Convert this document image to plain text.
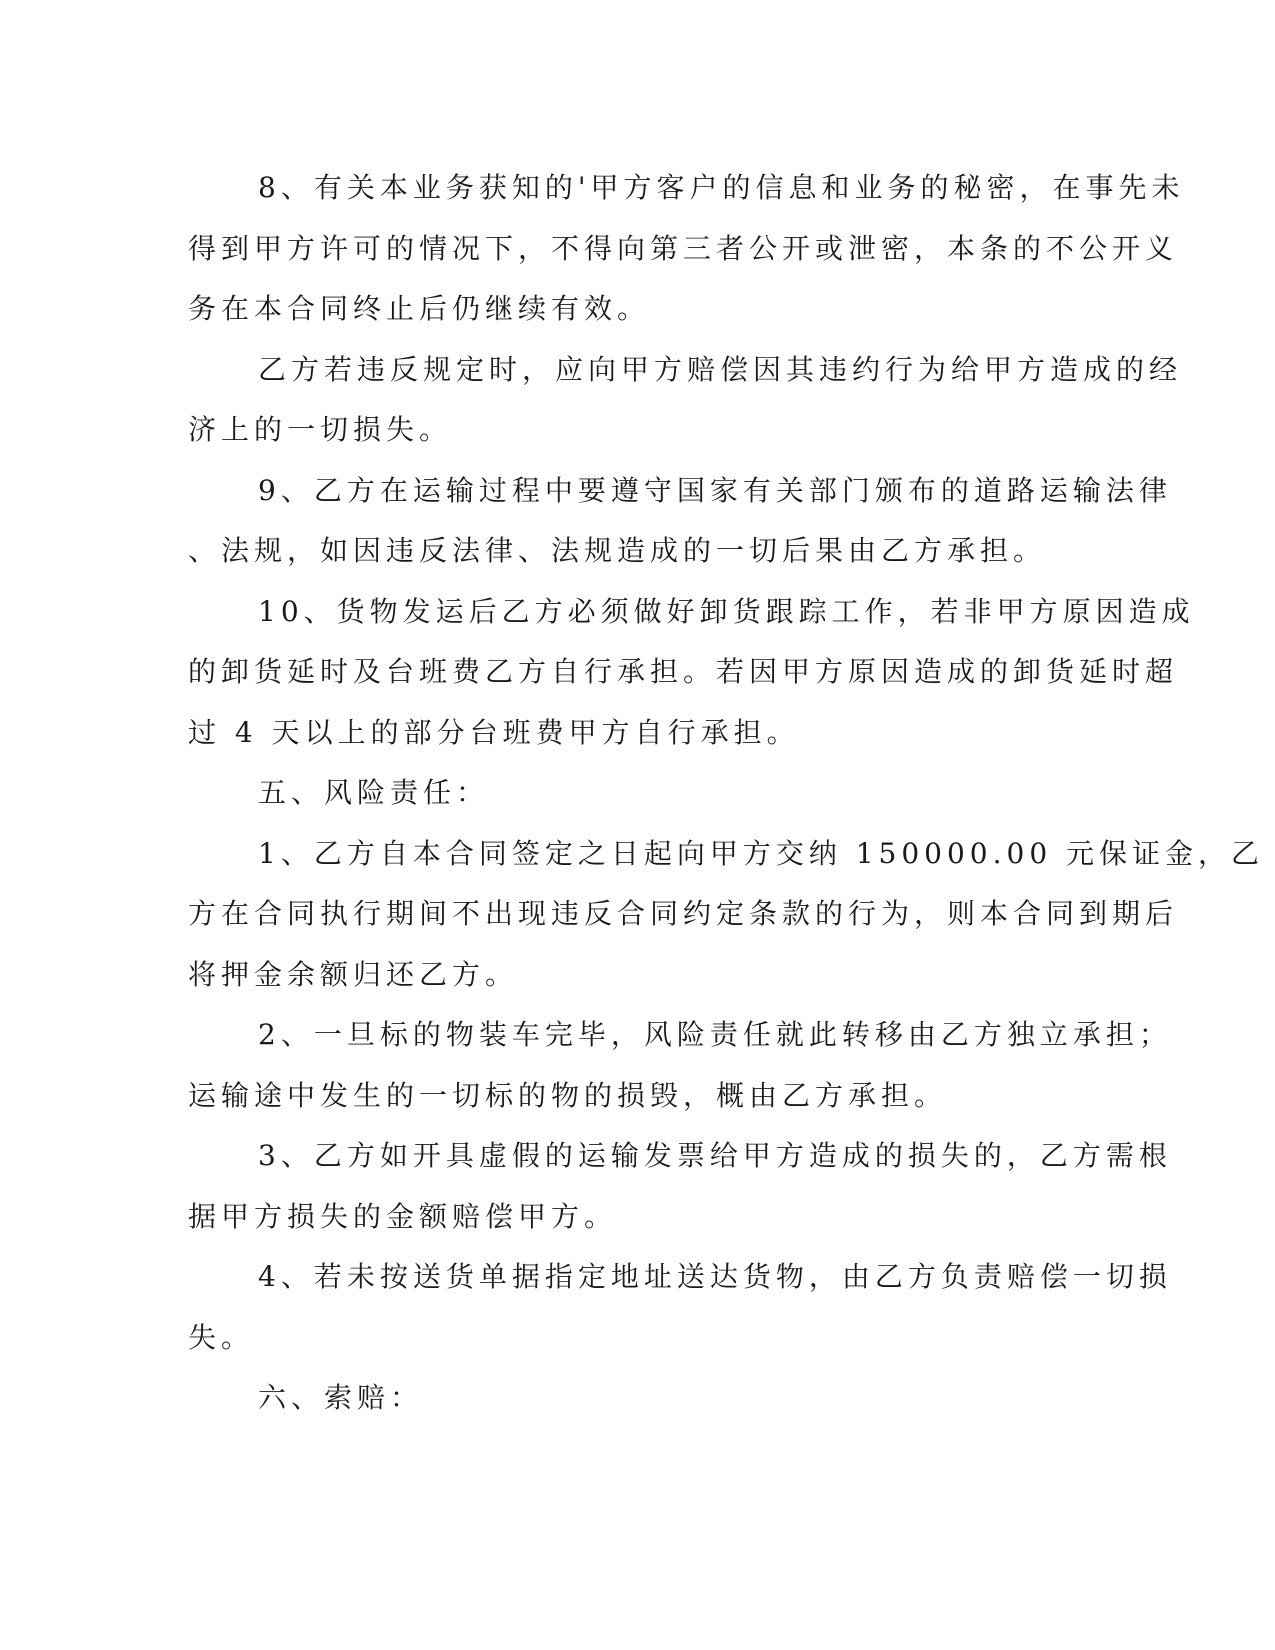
8、有关本业务获知的'甲方客户的信息和业务的秘密，在事先未
得到甲方许可的情况下，不得向第三者公开或泄密，本条的不公开义
务在本合同终止后仍继续有效。

乙方若违反规定时，应向甲方赔偿因其违约行为给甲方造成的经
济上的一切损失。

9、乙方在运输过程中要遵守国家有关部门颁布的道路运输法律
、法规，如因违反法律、法规造成的一切后果由乙方承担。

10、货物发运后乙方必须做好卸货跟踪工作，若非甲方原因造成
的卸货延时及台班费乙方自行承担。若因甲方原因造成的卸货延时超
过 4 天以上的部分台班费甲方自行承担。

五、风险责任：

1、乙方自本合同签定之日起向甲方交纳 150000.00 元保证金，乙
方在合同执行期间不出现违反合同约定条款的行为，则本合同到期后
将押金余额归还乙方。

2、一旦标的物装车完毕，风险责任就此转移由乙方独立承担；
运输途中发生的一切标的物的损毁，概由乙方承担。

3、乙方如开具虚假的运输发票给甲方造成的损失的，乙方需根
据甲方损失的金额赔偿甲方。

4、若未按送货单据指定地址送达货物，由乙方负责赔偿一切损
失。

六、索赔：
